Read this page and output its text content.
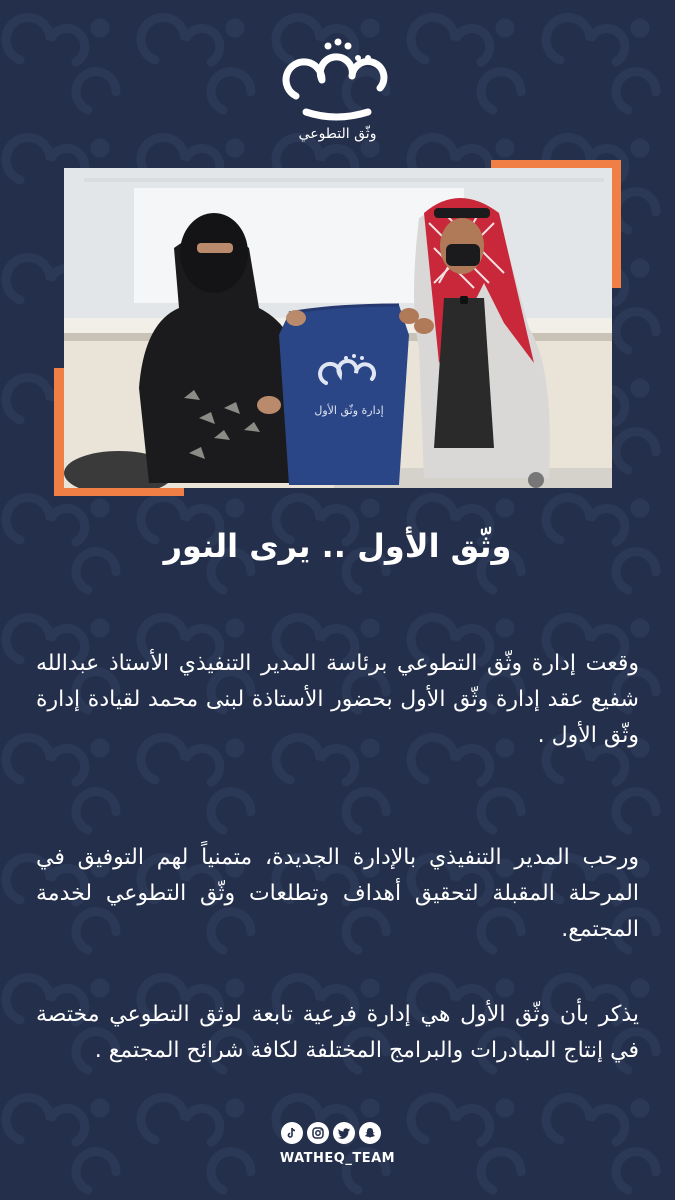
وثّق التطوعي
إدارة وثّق الأول
وثّق الأول .. يرى النور

وقعت إدارة وثّق التطوعي برئاسة المدير التنفيذي الأستاذ عبدالله شفيع عقد إدارة وثّق الأول بحضور الأستاذة لبنى محمد لقيادة إدارة وثّق الأول .

ورحب المدير التنفيذي بالإدارة الجديدة، متمنياً لهم التوفيق في المرحلة المقبلة لتحقيق أهداف وتطلعات وثّق التطوعي لخدمة المجتمع.

يذكر بأن وثّق الأول هي إدارة فرعية تابعة لوثق التطوعي مختصة في إنتاج المبادرات والبرامج المختلفة لكافة شرائح المجتمع .

WATHEQ_TEAM
